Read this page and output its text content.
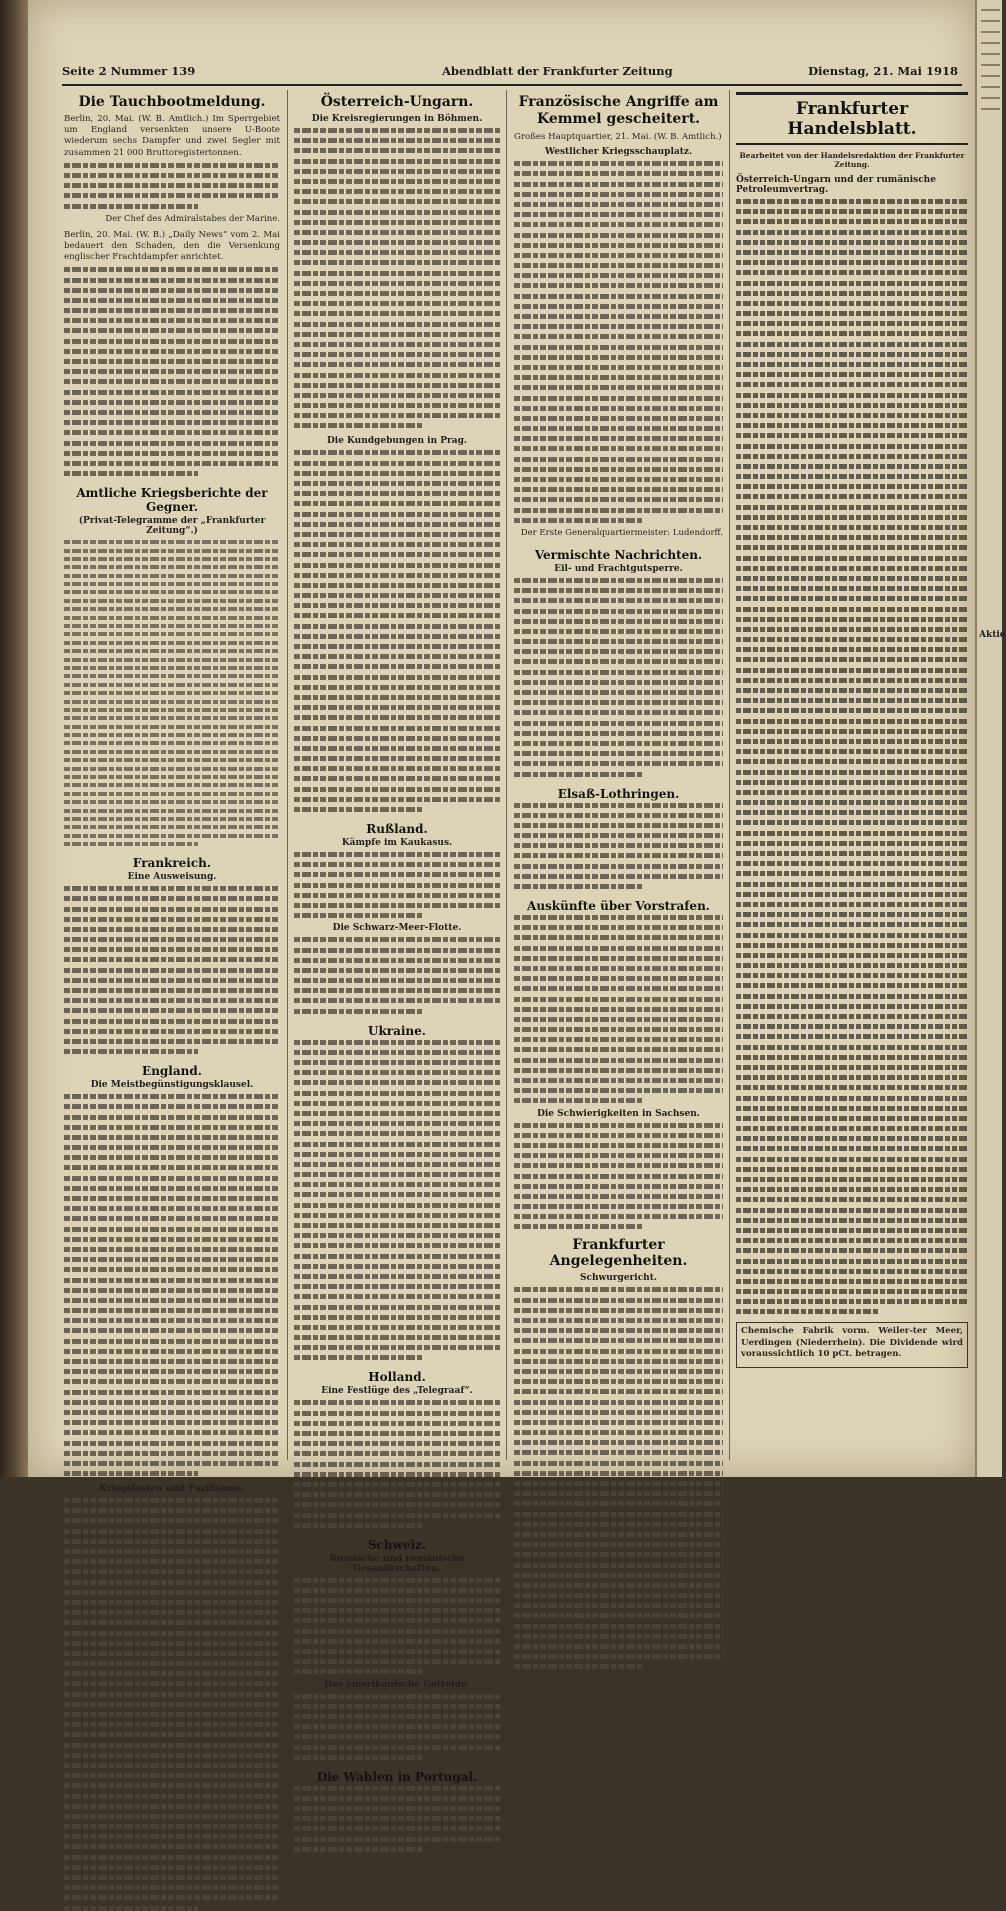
Seite 2 Nummer 139	Abendblatt der Frankfurter Zeitung	Dienstag, 21. Mai 1918
Die Tauchbootmeldung.
Berlin, 20. Mai. (W. B. Amtlich.) Im Sperrgebiet um England versenkten unsere U-Boote wiederum sechs Dampfer und zwei Segler mit zusammen 21 000 Bruttoregistertonnen.
Der Chef des Admiralstabes der Marine.
Berlin, 20. Mai. (W. B.) „Daily News“ vom 2. Mai bedauert den Schaden, den die Versenkung englischer Frachtdampfer anrichtet.
Amtliche Kriegsberichte der Gegner.
(Privat-Telegramme der „Frankfurter Zeitung“.)
Frankreich.
Eine Ausweisung.
England.
Die Meistbegünstigungsklausel.
Kriegslasten und Pazifismus.
Österreich-Ungarn.
Die Kreisregierungen in Böhmen.
Die Kundgebungen in Prag.
Rußland.
Kämpfe im Kaukasus.
Die Schwarz-Meer-Flotte.
Ukraine.
Holland.
Eine Festlüge des „Telegraaf“.
Schweiz.
Russische und rumänische Gesandtschaften.
Das amerikanische Getreide.
Die Wahlen in Portugal.
Französische Angriffe am Kemmel gescheitert.
Großes Hauptquartier, 21. Mai. (W. B. Amtlich.)
Westlicher Kriegsschauplatz.
Der Erste Generalquartiermeister: Ludendorff.
Vermischte Nachrichten.
Eil- und Frachtgutsperre.
Elsaß-Lothringen.
Auskünfte über Vorstrafen.
Die Schwierigkeiten in Sachsen.
Frankfurter Angelegenheiten.
Schwurgericht.
Frankfurter Handelsblatt.
Bearbeitet von der Handelsredaktion der Frankfurter Zeitung.
Österreich-Ungarn und der rumänische Petroleumvertrag.
Chemische Fabrik vorm. Weiler-ter Meer, Uerdingen (Niederrhein). Die Dividende wird voraussichtlich 10 pCt. betragen.
Aktie
